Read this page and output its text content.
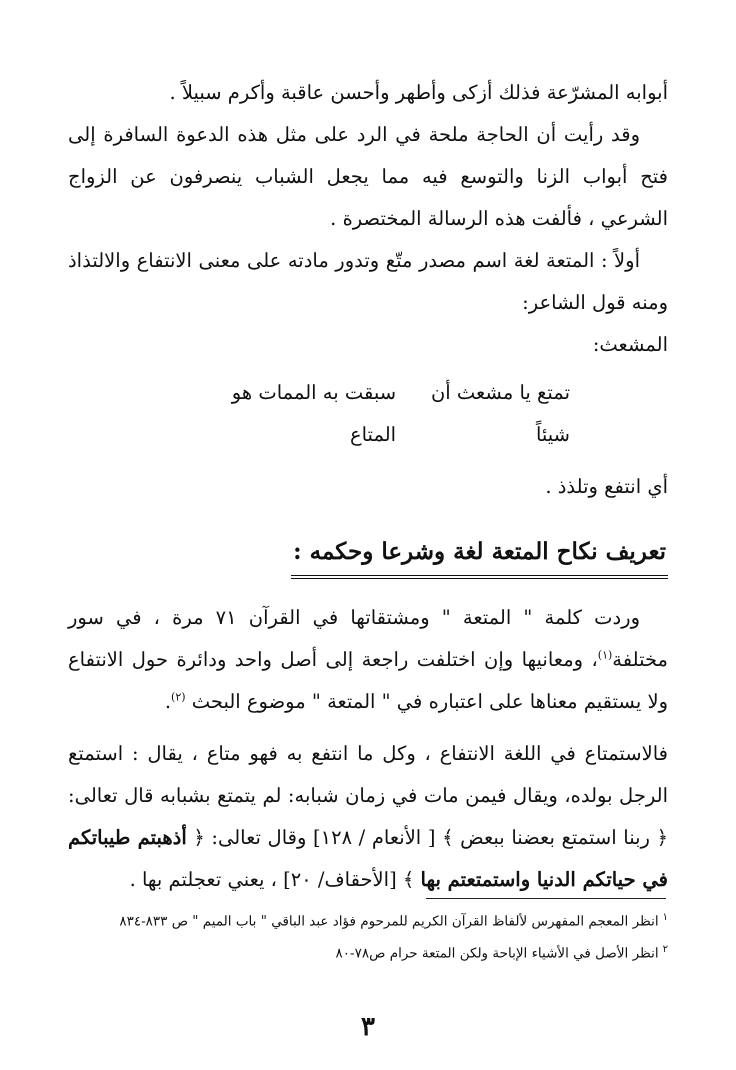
أبوابه المشرّعة فذلك أزكى وأطهر وأحسن عاقبة وأكرم سبيلاً .

وقد رأيت أن الحاجة ملحة في الرد على مثل هذه الدعوة السافرة إلى فتح أبواب الزنا والتوسع فيه مما يجعل الشباب ينصرفون عن الزواج الشرعي ، فألفت هذه الرسالة المختصرة .

أولاً : المتعة لغة اسم مصدر متّع وتدور مادته على معنى الانتفاع والالتذاذ ومنه قول الشاعر:

المشعث:

تمتع يا مشعث أن شيئاً
سبقت به الممات هو المتاع

أي انتفع وتلذذ .

تعريف نكاح المتعة لغة وشرعا وحكمه :

وردت كلمة " المتعة " ومشتقاتها في القرآن ٧١ مرة ، في سور مختلفة$^{(١)}$، ومعانيها وإن اختلفت راجعة إلى أصل واحد ودائرة حول الانتفاع ولا يستقيم معناها على اعتباره في " المتعة " موضوع البحث $^{(٢)}$.

فالاستمتاع في اللغة الانتفاع ، وكل ما انتفع به فهو متاع ، يقال : استمتع الرجل بولده، ويقال فيمن مات في زمان شبابه: لم يتمتع بشبابه قال تعالى: ﴿ ربنا استمتع بعضنا ببعض ﴾ [ الأنعام / ١٢٨] وقال تعالى: ﴿ أذهبتم طيباتكم في حياتكم الدنيا واستمتعتم بها ﴾ [الأحقاف/ ٢٠] ، يعني تعجلتم بها .

$^١$انظر المعجم المفهرس لألفاظ القرآن الكريم للمرحوم فؤاد عبد الباقي " باب الميم " ص ٨٣٣-٨٣٤

$^٢$انظر الأصل في الأشياء الإباحة ولكن المتعة حرام ص٧٨-٨٠

٣
